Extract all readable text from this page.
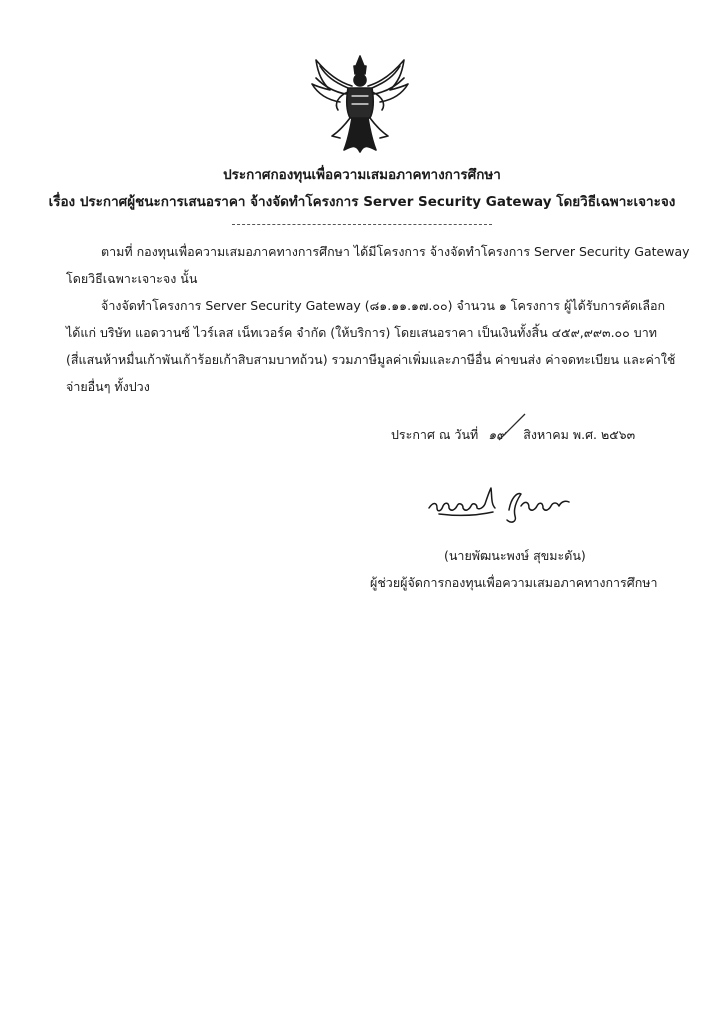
ประกาศกองทุนเพื่อความเสมอภาคทางการศึกษา
เรื่อง ประกาศผู้ชนะการเสนอราคา จ้างจัดทำโครงการ Server Security Gateway โดยวิธีเฉพาะเจาะจง
ตามที่ กองทุนเพื่อความเสมอภาคทางการศึกษา ได้มีโครงการ จ้างจัดทำโครงการ Server Security Gateway
โดยวิธีเฉพาะเจาะจง นั้น
จ้างจัดทำโครงการ Server Security Gateway (๘๑.๑๑.๑๗.๐๐) จำนวน ๑ โครงการ ผู้ได้รับการคัดเลือก
ได้แก่ บริษัท แอดวานซ์ ไวร์เลส เน็ทเวอร์ค จำกัด (ให้บริการ) โดยเสนอราคา เป็นเงินทั้งสิ้น ๔๕๙,๙๙๓.๐๐ บาท
(สี่แสนห้าหมื่นเก้าพันเก้าร้อยเก้าสิบสามบาทถ้วน) รวมภาษีมูลค่าเพิ่มและภาษีอื่น ค่าขนส่ง ค่าจดทะเบียน และค่าใช้
จ่ายอื่นๆ ทั้งปวง
ประกาศ ณ วันที่ ๑๙ สิงหาคม พ.ศ. ๒๕๖๓
(นายพัฒนะพงษ์ สุขมะดัน)
ผู้ช่วยผู้จัดการกองทุนเพื่อความเสมอภาคทางการศึกษา
